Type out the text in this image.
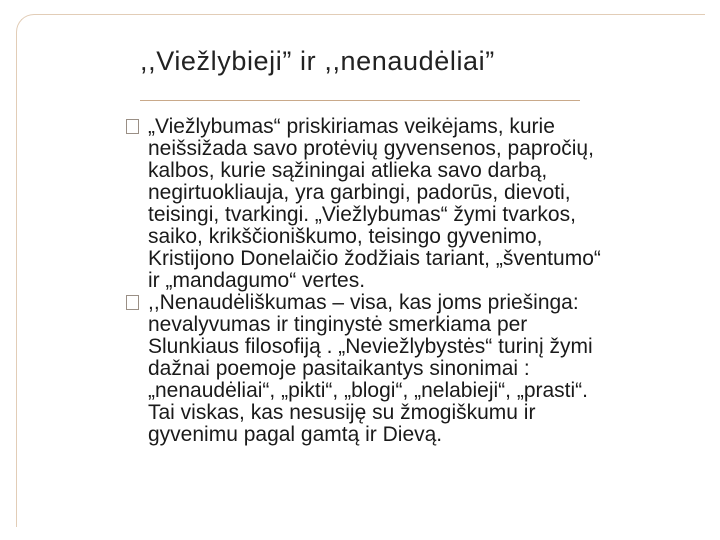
,,Viežlybieji” ir ,,nenaudėliai”
„Viežlybumas“ priskiriamas veikėjams, kurie
neišsižada savo protėvių gyvensenos, papročių,
kalbos, kurie sąžiningai atlieka savo darbą,
negirtuokliauja, yra garbingi, padorūs, dievoti,
teisingi, tvarkingi. „Viežlybumas“ žymi tvarkos,
saiko, krikščioniškumo, teisingo gyvenimo,
Kristijono Donelaičio žodžiais tariant, „šventumo“
ir „mandagumo“ vertes.
,,Nenaudėliškumas – visa, kas joms priešinga:
nevalyvumas ir tinginystė smerkiama per
Slunkiaus filosofiją . „Neviežlybystės“ turinį žymi
dažnai poemoje pasitaikantys sinonimai :
„nenaudėliai“, „pikti“, „blogi“, „nelabieji“, „prasti“.
Tai viskas, kas nesusiję su žmogiškumu ir
gyvenimu pagal gamtą ir Dievą.
